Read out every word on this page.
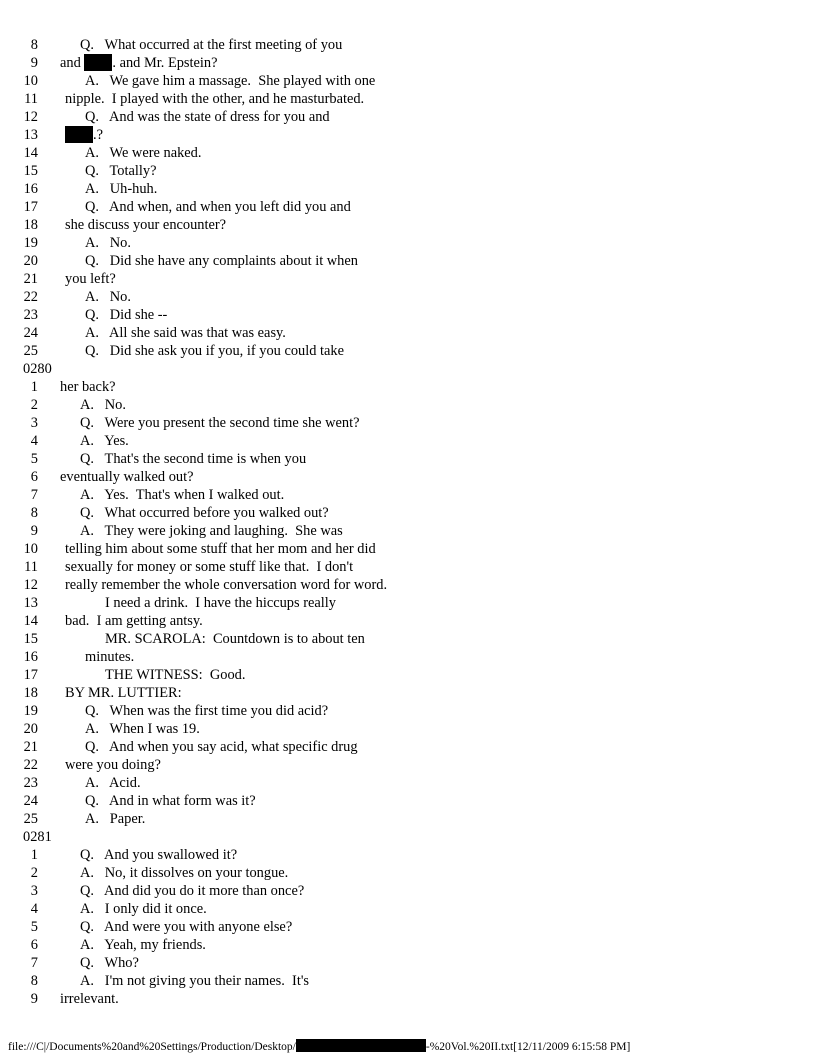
8	Q.   What occurred at the first meeting of you
9 and . and Mr. Epstein?
10	A.   We gave him a massage.  She played with one
11 nipple.  I played with the other, and he masturbated.
12	Q.   And was the state of dress for you and
13	.?
14	A.   We were naked.
15	Q.   Totally?
16	A.   Uh-huh.
17	Q.   And when, and when you left did you and
18 she discuss your encounter?
19	A.   No.
20	Q.   Did she have any complaints about it when
21 you left?
22	A.   No.
23	Q.   Did she --
24	A.   All she said was that was easy.
25	Q.   Did she ask you if you, if you could take
0280
1 her back?
2	A.   No.
3	Q.   Were you present the second time she went?
4	A.   Yes.
5	Q.   That's the second time is when you
6 eventually walked out?
7	A.   Yes.  That's when I walked out.
8	Q.   What occurred before you walked out?
9	A.   They were joking and laughing.  She was
10 telling him about some stuff that her mom and her did
11 sexually for money or some stuff like that.  I don't
12 really remember the whole conversation word for word.
13	I need a drink.  I have the hiccups really
14 bad.  I am getting antsy.
15	MR. SCAROLA:  Countdown is to about ten
16	minutes.
17	THE WITNESS:  Good.
18 BY MR. LUTTIER:
19	Q.   When was the first time you did acid?
20	A.   When I was 19.
21	Q.   And when you say acid, what specific drug
22 were you doing?
23	A.   Acid.
24	Q.   And in what form was it?
25	A.   Paper.
0281
1	Q.   And you swallowed it?
2	A.   No, it dissolves on your tongue.
3	Q.   And did you do it more than once?
4	A.   I only did it once.
5	Q.   And were you with anyone else?
6	A.   Yeah, my friends.
7	Q.   Who?
8	A.   I'm not giving you their names.  It's
9 irrelevant.
file:///C|/Documents%20and%20Settings/Production/Desktop/	-%20Vol.%20II.txt[12/11/2009 6:15:58 PM]
